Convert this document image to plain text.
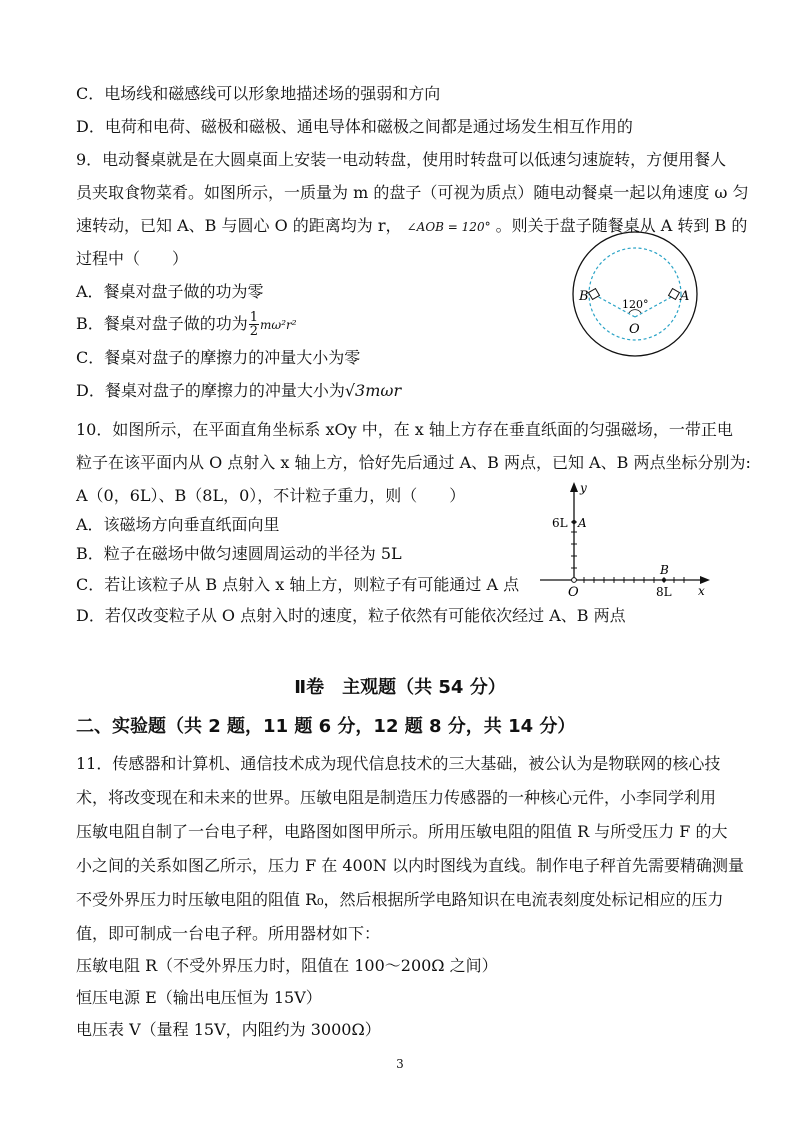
C．电场线和磁感线可以形象地描述场的强弱和方向
D．电荷和电荷、磁极和磁极、通电导体和磁极之间都是通过场发生相互作用的
9．电动餐桌就是在大圆桌面上安装一电动转盘，使用时转盘可以低速匀速旋转，方便用餐人
员夹取食物菜肴。如图所示，一质量为 m 的盘子（可视为质点）随电动餐桌一起以角速度 ω 匀
速转动，已知 A、B 与圆心 O 的距离均为 r， ∠AOB = 120° 。则关于盘子随餐桌从 A 转到 B 的
过程中（　　）
A．餐桌对盘子做的功为零
B．餐桌对盘子做的功为 $\frac{1}{2} m\omega^2r^2$
C．餐桌对盘子的摩擦力的冲量大小为零
D．餐桌对盘子的摩擦力的冲量大小为√3mωr
B	A
120°
O
10．如图所示，在平面直角坐标系 xOy 中，在 x 轴上方存在垂直纸面的匀强磁场，一带正电
粒子在该平面内从 O 点射入 x 轴上方，恰好先后通过 A、B 两点，已知 A、B 两点坐标分别为:
A（0，6L）、B（8L，0），不计粒子重力，则（　　）
A．该磁场方向垂直纸面向里
B．粒子在磁场中做匀速圆周运动的半径为 5L
C．若让该粒子从 B 点射入 x 轴上方，则粒子有可能通过 A 点
D．若仅改变粒子从 O 点射入时的速度，粒子依然有可能依次经过 A、B 两点
y
6L A
B
O	8L x
Ⅱ卷　主观题（共 54 分）
二、实验题（共 2 题，11 题 6 分，12 题 8 分，共 14 分）
11．传感器和计算机、通信技术成为现代信息技术的三大基础，被公认为是物联网的核心技
术，将改变现在和未来的世界。压敏电阻是制造压力传感器的一种核心元件，小李同学利用
压敏电阻自制了一台电子秤，电路图如图甲所示。所用压敏电阻的阻值 R 与所受压力 F 的大
小之间的关系如图乙所示，压力 F 在 400N 以内时图线为直线。制作电子秤首先需要精确测量
不受外界压力时压敏电阻的阻值 R₀，然后根据所学电路知识在电流表刻度处标记相应的压力
值，即可制成一台电子秤。所用器材如下：
压敏电阻 R（不受外界压力时，阻值在 100～200Ω 之间）
恒压电源 E（输出电压恒为 15V）
电压表 V（量程 15V，内阻约为 3000Ω）
3
